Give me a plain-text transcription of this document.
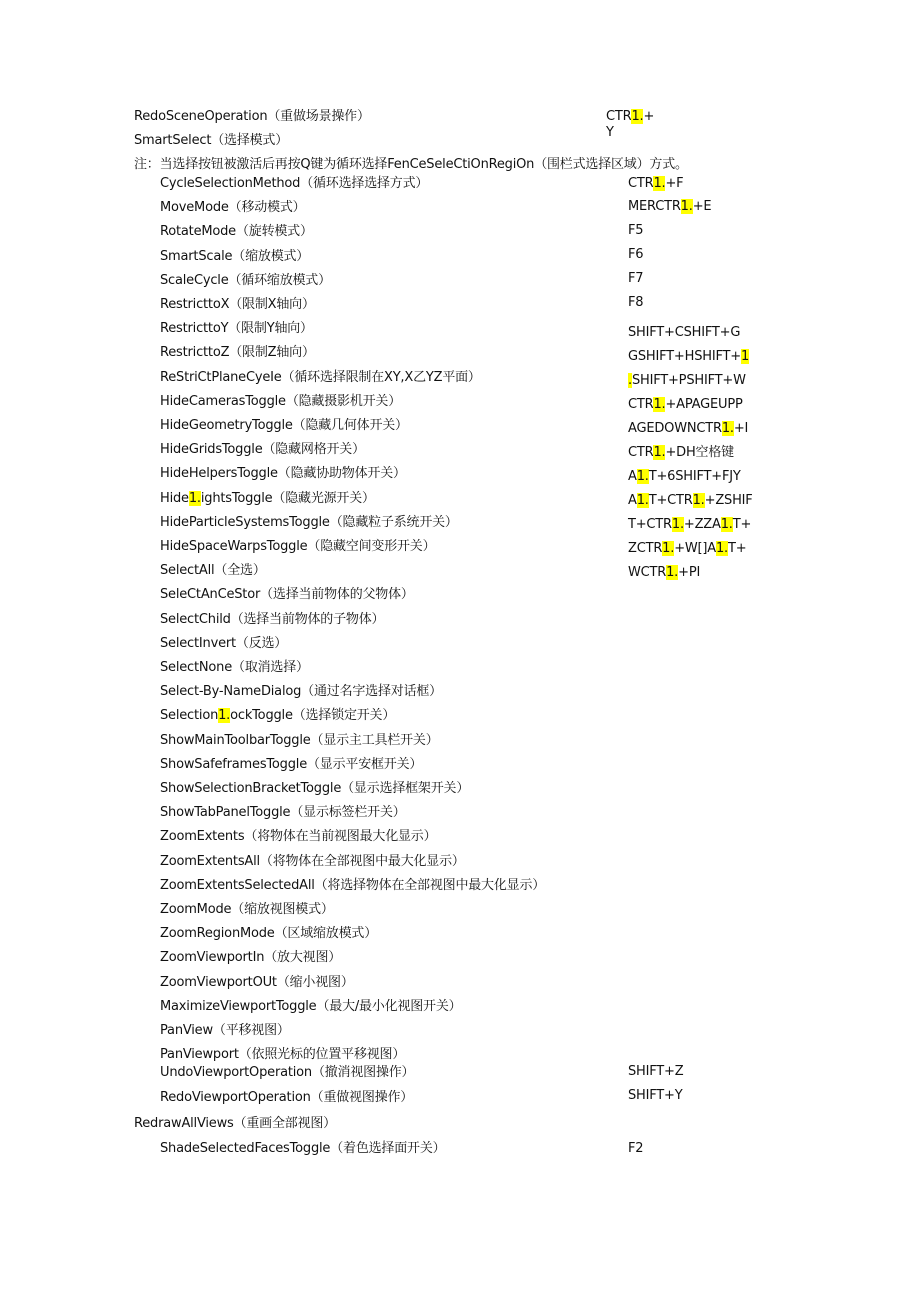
RedoSceneOperation（重做场景操作）
SmartSelect（选择模式）
CTR1.+
Y
注：当选择按钮被激活后再按Q键为循环选择FenCeSeleCtiOnRegiOn（围栏式选择区域）方式。
CycleSelectionMethod（循环选择选择方式）
MoveMode（移动模式）
RotateMode（旋转模式）
SmartScale（缩放模式）
ScaleCycle（循环缩放模式）
RestricttoX（限制X轴向）
RestricttoY（限制Y轴向）
RestricttoZ（限制Z轴向）
ReStriCtPlaneCyeIe（循环选择限制在XY,X乙YZ平面）
HideCamerasToggle（隐藏摄影机开关）
HideGeometryToggle（隐藏几何体开关）
HideGridsToggle（隐藏网格开关）
HideHelpersToggle（隐藏协助物体开关）
Hide1.ightsToggle（隐藏光源开关）
HideParticleSystemsToggle（隐藏粒子系统开关）
HideSpaceWarpsToggle（隐藏空间变形开关）
SelectAll（全选）
SeleCtAnCeStor（选择当前物体的父物体）
SelectChild（选择当前物体的子物体）
SelectInvert（反选）
SelectNone（取消选择）
Select-By-NameDialog（通过名字选择对话框）
Selection1.ockToggle（选择锁定开关）
ShowMainToolbarToggle（显示主工具栏开关）
ShowSafeframesToggle（显示平安框开关）
ShowSelectionBracketToggle（显示选择框架开关）
ShowTabPanelToggle（显示标签栏开关）
ZoomExtents（将物体在当前视图最大化显示）
ZoomExtentsAll（将物体在全部视图中最大化显示）
ZoomExtentsSelectedAll（将选择物体在全部视图中最大化显示）
ZoomMode（缩放视图模式）
ZoomRegionMode（区域缩放模式）
ZoomViewportIn（放大视图）
ZoomViewportOUt（缩小视图）
MaximizeViewportToggle（最大/最小化视图开关）
PanView（平移视图）
PanViewport（依照光标的位置平移视图）
UndoViewportOperation（撤消视图操作）
RedoViewportOperation（重做视图操作）
CTR1.+F
MERCTR1.+E
F5
F6
F7
F8
SHIFT+CSHIFT+G
GSHIFT+HSHIFT+1
.SHIFT+PSHIFT+W
CTR1.+APAGEUPP
AGEDOWNCTR1.+I
CTR1.+DH空格键
A1.T+6SHIFT+FJY
A1.T+CTR1.+ZSHIF
T+CTR1.+ZZA1.T+
ZCTR1.+W[]A1.T+
WCTR1.+PI
SHIFT+Z
SHIFT+Y
RedrawAllViews（重画全部视图）
ShadeSelectedFacesToggle（着色选择面开关）	F2
